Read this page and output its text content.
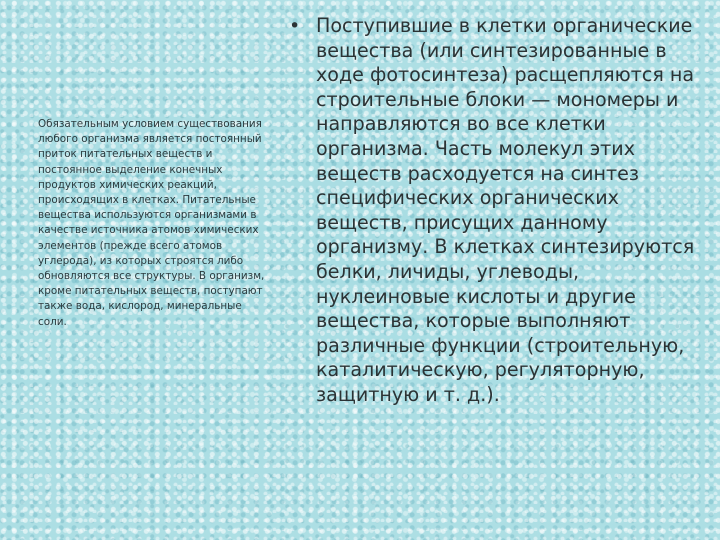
Обязательным условием существования любого организма является постоянный приток питательных веществ и постоянное выделение конечных продуктов химических реакций, происходящих в клетках. Питательные вещества используются организмами в качестве источника атомов химических элементов (прежде всего атомов углерода), из которых строятся либо обновляются все структуры. В организм, кроме питательных веществ, поступают также вода, кислород, минеральные соли.

• Поступившие в клетки органические вещества (или синтезированные в ходе фотосинтеза) расщепляются на строительные блоки — мономеры и направляются во все клетки организма. Часть молекул этих веществ расходуется на синтез специфических органических веществ, присущих данному организму. В клетках синтезируются белки, личиды, углеводы, нуклеиновые кислоты и другие вещества, которые выполняют различные функции (строительную, каталитическую, регуляторную, защитную и т. д.).
